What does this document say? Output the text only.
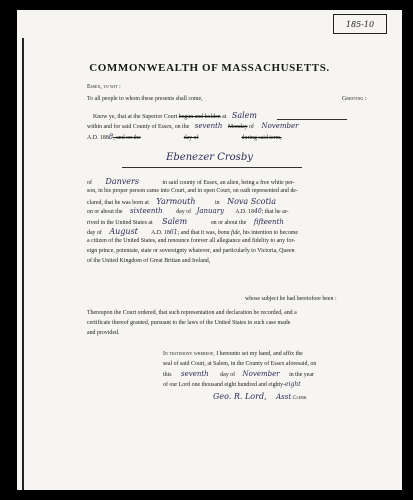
185-10
COMMONWEALTH OF MASSACHUSETTS.
Essex, to wit :
To all people to whom these presents shall come,	Greeting :
Know ye, that at the Superior Court begun and holden at Salem
within and for said County of Essex, on the seventh Monday of November
A.D. 1888, and on the	day of	during said term,
Ebenezer Crosby
of Danvers	in said county of Essex, an alien, being a free white per-
son, in his proper person came into Court, and in open Court, on oath represented and de-
clared, that he was born at Yarmouth	in Nova Scotia
on or about the sixteenth day of January A.D. 1840; that he ar-
rived in the United States at Salem	on or about the fifteenth
day of August A.D. 1861; and that it was, bona fide, his intention to become
a citizen of the United States, and renounce forever all allegiance and fidelity to any for-
eign prince, potentate, state or sovereignty whatever, and particularly to Victoria, Queen
of the United Kingdom of Great Britian and Ireland,
whose subject he had heretofore been :
Thereupon the Court ordered, that such representation and declaration be recorded, and a
certificate thereof granted, pursuant to the laws of the United States in such case made
and provided.
In testimony whereof, I hereunto set my hand, and affix the
seal of said Court, at Salem, in the County of Essex aforesaid, on
this seventh day of November in the year
of our Lord one thousand eight hundred and eighty-eight
Geo. R. Lord, Asst Clerk
